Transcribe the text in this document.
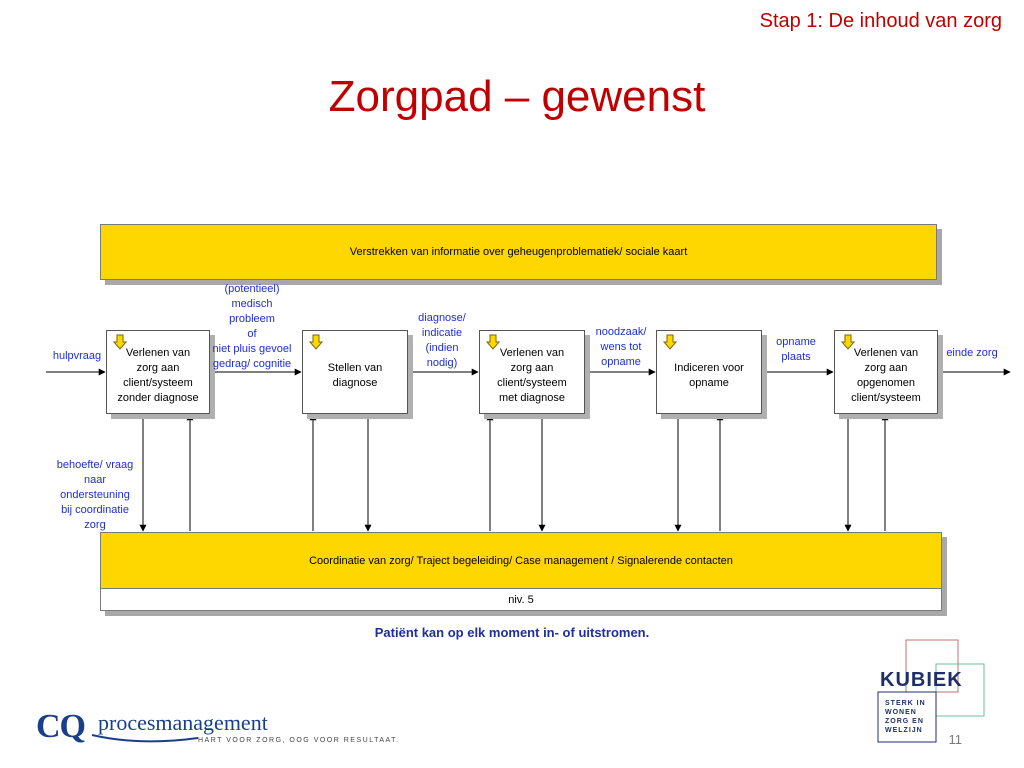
Stap 1: De inhoud van zorg
Zorgpad – gewenst
Verstrekken van informatie over geheugenproblematiek/ sociale kaart
Verlenen van
zorg aan
client/systeem
zonder diagnose
Stellen van
diagnose
Verlenen van
zorg aan
client/systeem
met diagnose
Indiceren voor
opname
Verlenen van
zorg aan
opgenomen
client/systeem
hulpvraag	einde zorg
(potentieel)
medisch
probleem
of
niet pluis gevoel
gedrag/ cognitie
diagnose/
indicatie
(indien
nodig)
noodzaak/
wens tot
opname
opname
plaats
behoefte/ vraag
naar
ondersteuning
bij coordinatie
zorg
Coordinatie van zorg/ Traject begeleiding/ Case management / Signalerende contacten
niv. 5
Patiënt kan op elk moment in- of uitstromen.
CQ procesmanagement
HART VOOR ZORG, OOG VOOR RESULTAAT.
KUBIEK
STERK IN
WONEN
ZORG EN
WELZIJN
11
